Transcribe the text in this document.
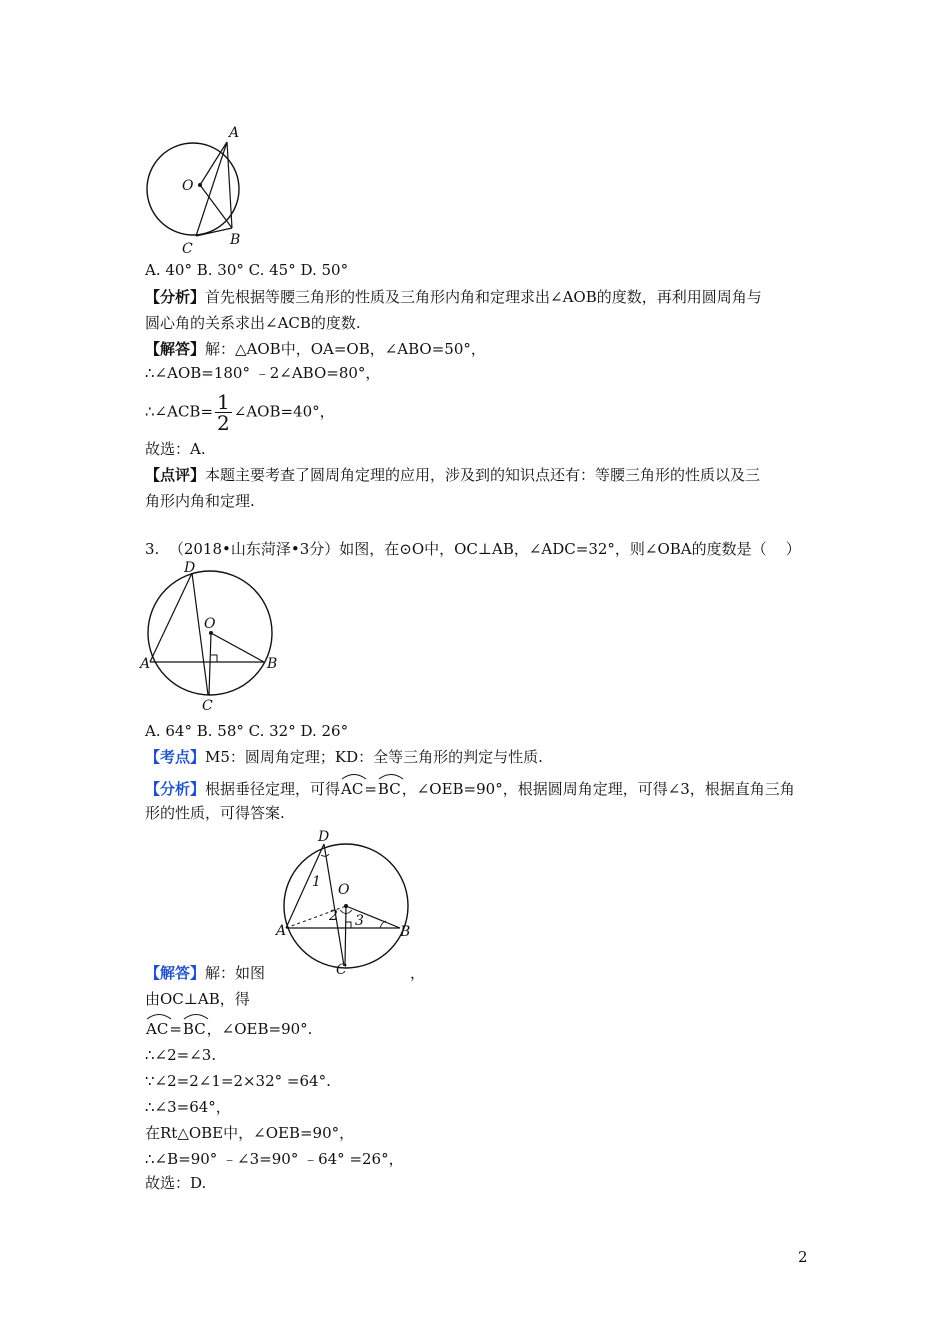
A
O
B
C
A. 40° B. 30° C. 45° D. 50°
【分析】首先根据等腰三角形的性质及三角形内角和定理求出∠AOB的度数，再利用圆周角与
圆心角的关系求出∠ACB的度数.
【解答】解：△AOB中，OA=OB，∠ABO=50°，
∴∠AOB=180° ﹣2∠ABO=80°，
∴∠ACB= $\frac{1}{2}$ ∠AOB=40°，
故选：A.
【点评】本题主要考查了圆周角定理的应用，涉及到的知识点还有：等腰三角形的性质以及三
角形内角和定理.
3.  （2018•山东菏泽•3分）如图，在⊙O中，OC⊥AB，∠ADC=32°，则∠OBA的度数是（    ）
D
O
A	B
C
A. 64° B. 58° C. 32° D. 26°
【考点】M5：圆周角定理；KD：全等三角形的判定与性质.
【分析】根据垂径定理，可得
AC=
BC，∠OEB=90°，根据圆周角定理，可得∠3，根据直角三角
形的性质，可得答案.
D
O
A	B
C
1
2 3
【解答】解：如图	，
由OC⊥AB，得
AC=
BC，∠OEB=90°.
∴∠2=∠3.
∵∠2=2∠1=2×32° =64°.
∴∠3=64°，
在Rt△OBE中，∠OEB=90°，
∴∠B=90° ﹣∠3=90° ﹣64° =26°，
故选：D.
2
